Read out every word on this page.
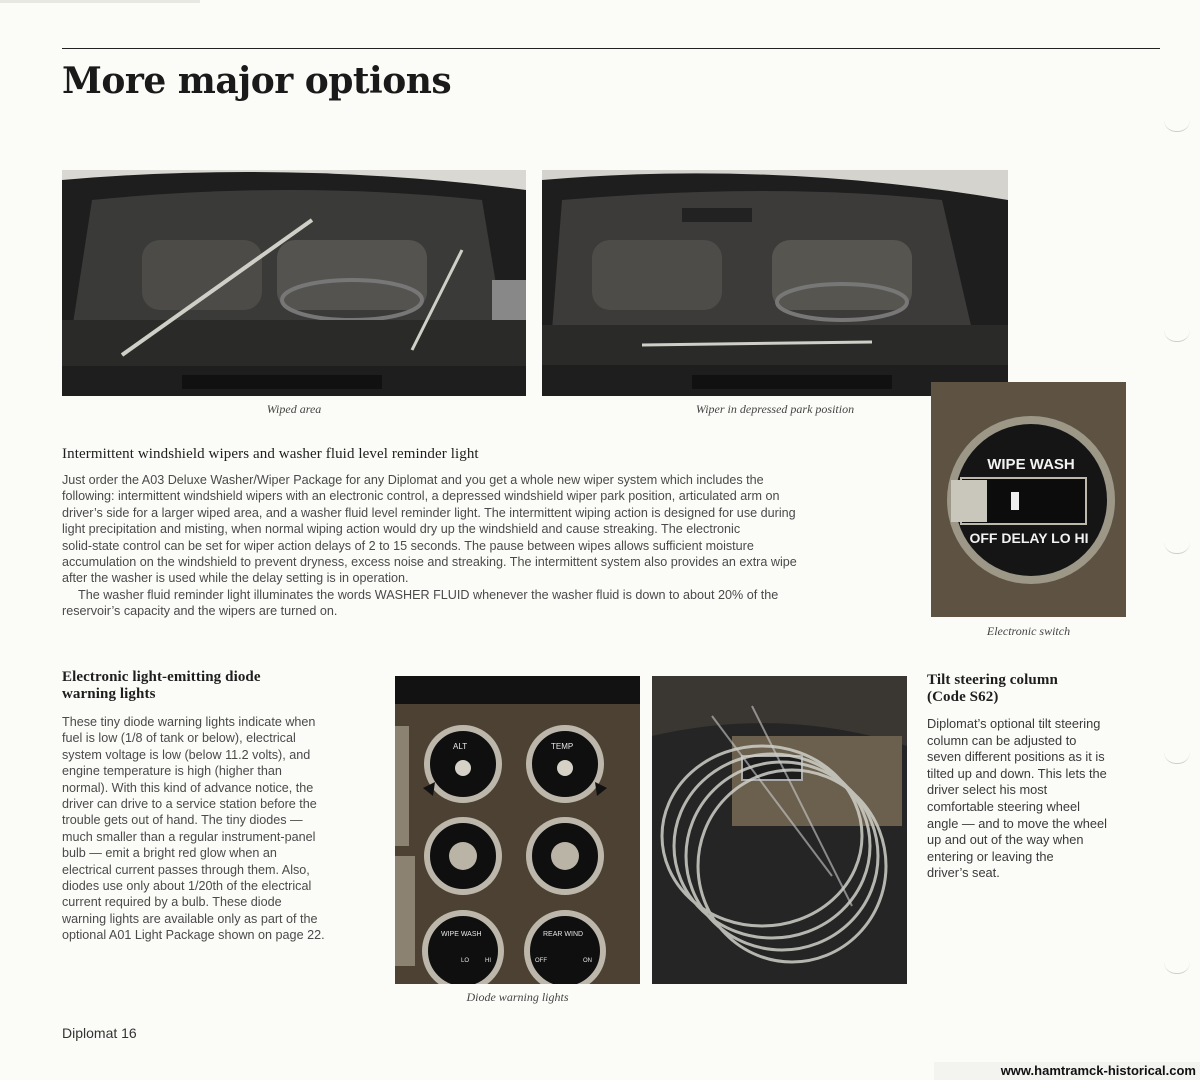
More major options
Wiped area	Wiper in depressed park position
WIPE WASH
OFF DELAY LO HI
Electronic switch
Intermittent windshield wipers and washer fluid level reminder light
Just order the A03 Deluxe Washer/Wiper Package for any Diplomat and you get a whole new wiper system which includes the
following: intermittent windshield wipers with an electronic control, a depressed windshield wiper park position, articulated arm on
driver’s side for a larger wiped area, and a washer fluid level reminder light. The intermittent wiping action is designed for use during
light precipitation and misting, when normal wiping action would dry up the windshield and cause streaking. The electronic
solid-state control can be set for wiper action delays of 2 to 15 seconds. The pause between wipes allows sufficient moisture
accumulation on the windshield to prevent dryness, excess noise and streaking. The intermittent system also provides an extra wipe
after the washer is used while the delay setting is in operation.
The washer fluid reminder light illuminates the words WASHER FLUID whenever the washer fluid is down to about 20% of the
reservoir’s capacity and the wipers are turned on.
Electronic light-emitting diode
warning lights
These tiny diode warning lights indicate when
fuel is low (1/8 of tank or below), electrical
system voltage is low (below 11.2 volts), and
engine temperature is high (higher than
normal). With this kind of advance notice, the
driver can drive to a service station before the
trouble gets out of hand. The tiny diodes —
much smaller than a regular instrument-panel
bulb — emit a bright red glow when an
electrical current passes through them. Also,
diodes use only about 1/20th of the electrical
current required by a bulb. These diode
warning lights are available only as part of the
optional A01 Light Package shown on page 22.
ALT	TEMP
WIPE WASH	REAR WIND
LO	HI	OFF	ON
Diode warning lights
Tilt steering column
(Code S62)
Diplomat’s optional tilt steering
column can be adjusted to
seven different positions as it is
tilted up and down. This lets the
driver select his most
comfortable steering wheel
angle — and to move the wheel
up and out of the way when
entering or leaving the
driver’s seat.
Diplomat 16
www.hamtramck-historical.com
